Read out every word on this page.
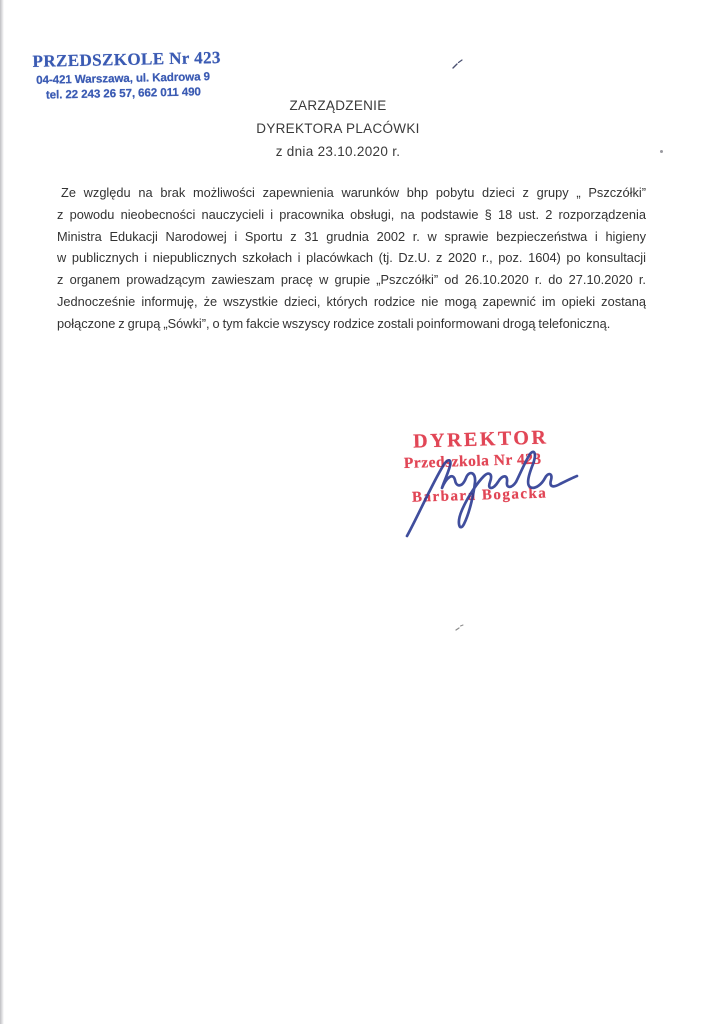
PRZEDSZKOLE Nr 423
04-421 Warszawa, ul. Kadrowa 9
tel. 22 243 26 57, 662 011 490
ZARZĄDZENIE
DYREKTORA PLACÓWKI
z dnia 23.10.2020 r.
Ze względu na brak możliwości zapewnienia warunków bhp pobytu dzieci z grupy „ Pszczółki”
z powodu nieobecności nauczycieli i pracownika obsługi, na podstawie § 18 ust. 2 rozporządzenia
Ministra Edukacji Narodowej i Sportu z 31 grudnia 2002 r. w sprawie bezpieczeństwa i higieny
w publicznych i niepublicznych szkołach i placówkach (tj. Dz.U. z 2020 r., poz. 1604) po konsultacji
z organem prowadzącym zawieszam pracę w grupie „Pszczółki” od 26.10.2020 r. do 27.10.2020 r.
Jednocześnie informuję, że wszystkie dzieci, których rodzice nie mogą zapewnić im opieki zostaną
połączone z grupą „Sówki”, o tym fakcie wszyscy rodzice zostali poinformowani drogą telefoniczną.
DYREKTOR
Przedszkola Nr 423
Barbara Bogacka
